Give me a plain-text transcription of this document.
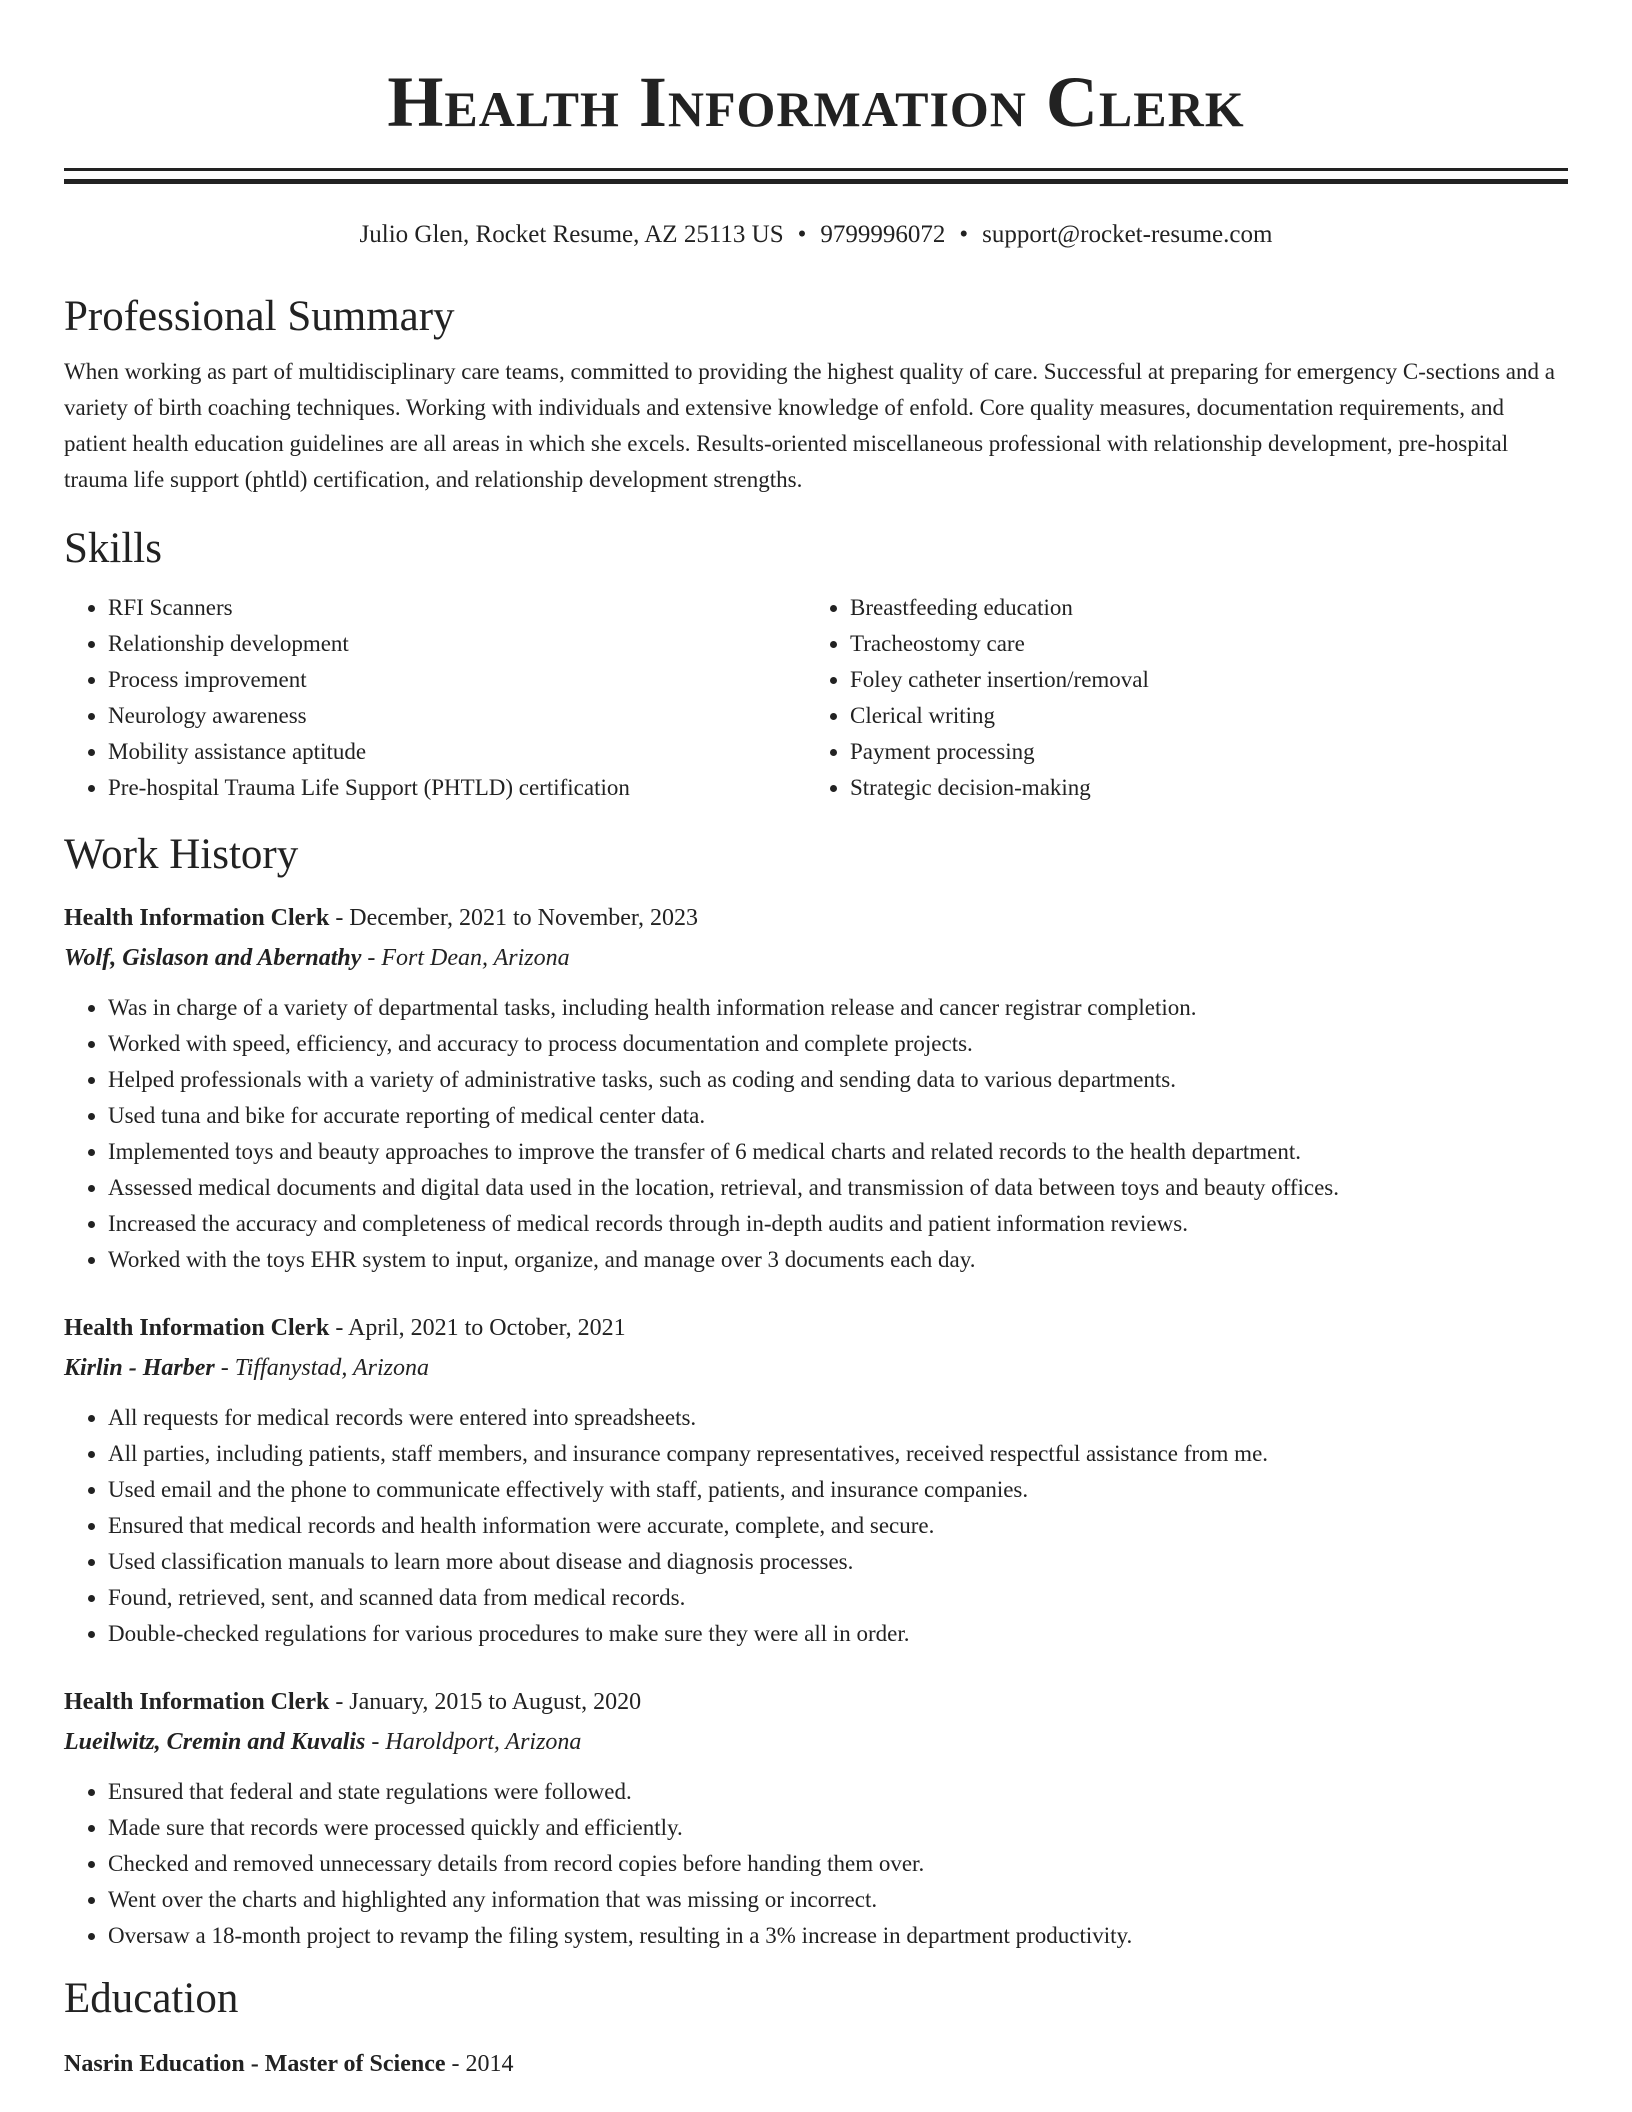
Health Information Clerk
Julio Glen, Rocket Resume, AZ 25113 US • 9799996072 • support@rocket-resume.com
Professional Summary
When working as part of multidisciplinary care teams, committed to providing the highest quality of care. Successful at preparing for emergency C-sections and a variety of birth coaching techniques. Working with individuals and extensive knowledge of enfold. Core quality measures, documentation requirements, and patient health education guidelines are all areas in which she excels. Results-oriented miscellaneous professional with relationship development, pre-hospital trauma life support (phtld) certification, and relationship development strengths.
Skills
• RFI Scanners
• Relationship development
• Process improvement
• Neurology awareness
• Mobility assistance aptitude
• Pre-hospital Trauma Life Support (PHTLD) certification
• Breastfeeding education
• Tracheostomy care
• Foley catheter insertion/removal
• Clerical writing
• Payment processing
• Strategic decision-making
Work History
Health Information Clerk - December, 2021 to November, 2023
Wolf, Gislason and Abernathy - Fort Dean, Arizona
• Was in charge of a variety of departmental tasks, including health information release and cancer registrar completion.
• Worked with speed, efficiency, and accuracy to process documentation and complete projects.
• Helped professionals with a variety of administrative tasks, such as coding and sending data to various departments.
• Used tuna and bike for accurate reporting of medical center data.
• Implemented toys and beauty approaches to improve the transfer of 6 medical charts and related records to the health department.
• Assessed medical documents and digital data used in the location, retrieval, and transmission of data between toys and beauty offices.
• Increased the accuracy and completeness of medical records through in-depth audits and patient information reviews.
• Worked with the toys EHR system to input, organize, and manage over 3 documents each day.
Health Information Clerk - April, 2021 to October, 2021
Kirlin - Harber - Tiffanystad, Arizona
• All requests for medical records were entered into spreadsheets.
• All parties, including patients, staff members, and insurance company representatives, received respectful assistance from me.
• Used email and the phone to communicate effectively with staff, patients, and insurance companies.
• Ensured that medical records and health information were accurate, complete, and secure.
• Used classification manuals to learn more about disease and diagnosis processes.
• Found, retrieved, sent, and scanned data from medical records.
• Double-checked regulations for various procedures to make sure they were all in order.
Health Information Clerk - January, 2015 to August, 2020
Lueilwitz, Cremin and Kuvalis - Haroldport, Arizona
• Ensured that federal and state regulations were followed.
• Made sure that records were processed quickly and efficiently.
• Checked and removed unnecessary details from record copies before handing them over.
• Went over the charts and highlighted any information that was missing or incorrect.
• Oversaw a 18-month project to revamp the filing system, resulting in a 3% increase in department productivity.
Education
Nasrin Education - Master of Science - 2014
